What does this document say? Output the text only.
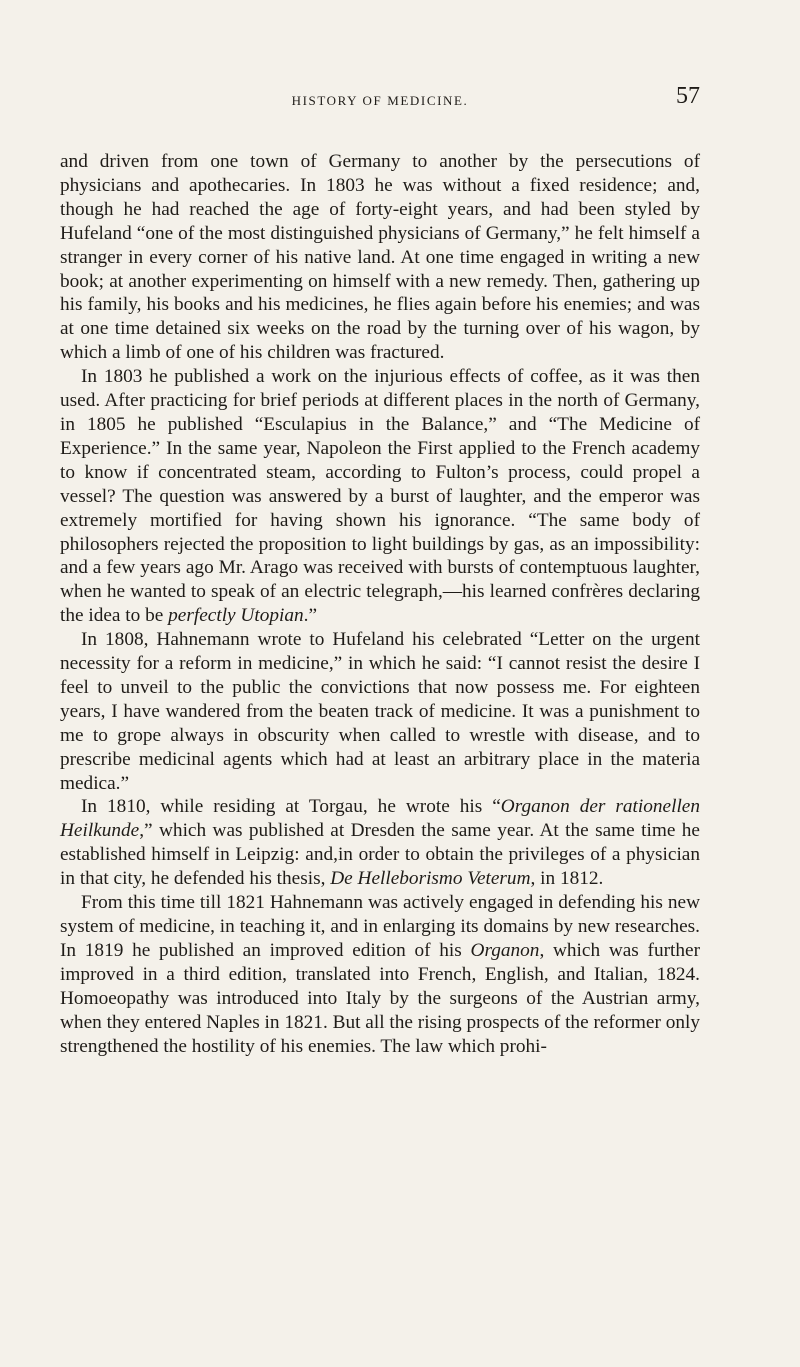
HISTORY OF MEDICINE.	57

and driven from one town of Germany to another by the persecutions of physicians and apothecaries. In 1803 he was without a fixed residence; and, though he had reached the age of forty-eight years, and had been styled by Hufeland “one of the most distinguished physicians of Germany,” he felt himself a stranger in every corner of his native land. At one time engaged in writing a new book; at another experimenting on himself with a new remedy. Then, gathering up his family, his books and his medicines, he flies again before his enemies; and was at one time detained six weeks on the road by the turning over of his wagon, by which a limb of one of his children was fractured.

In 1803 he published a work on the injurious effects of coffee, as it was then used. After practicing for brief periods at different places in the north of Germany, in 1805 he published “Esculapius in the Balance,” and “The Medicine of Experience.” In the same year, Napoleon the First applied to the French academy to know if concentrated steam, according to Fulton’s process, could propel a vessel? The question was answered by a burst of laughter, and the emperor was extremely mortified for having shown his ignorance. “The same body of philosophers rejected the proposition to light buildings by gas, as an impossibility: and a few years ago Mr. Arago was received with bursts of contemptuous laughter, when he wanted to speak of an electric telegraph,—his learned confrères declaring the idea to be perfectly Utopian.”

In 1808, Hahnemann wrote to Hufeland his celebrated “Letter on the urgent necessity for a reform in medicine,” in which he said: “I cannot resist the desire I feel to unveil to the public the convictions that now possess me. For eighteen years, I have wandered from the beaten track of medicine. It was a punishment to me to grope always in obscurity when called to wrestle with disease, and to prescribe medicinal agents which had at least an arbitrary place in the materia medica.”

In 1810, while residing at Torgau, he wrote his “Organon der rationellen Heilkunde,” which was published at Dresden the same year. At the same time he established himself in Leipzig: and,in order to obtain the privileges of a physician in that city, he defended his thesis, De Helleborismo Veterum, in 1812.

From this time till 1821 Hahnemann was actively engaged in defending his new system of medicine, in teaching it, and in enlarging its domains by new researches. In 1819 he published an improved edition of his Organon, which was further improved in a third edition, translated into French, English, and Italian, 1824. Homoeopathy was introduced into Italy by the surgeons of the Austrian army, when they entered Naples in 1821. But all the rising prospects of the reformer only strengthened the hostility of his enemies. The law which prohi-
